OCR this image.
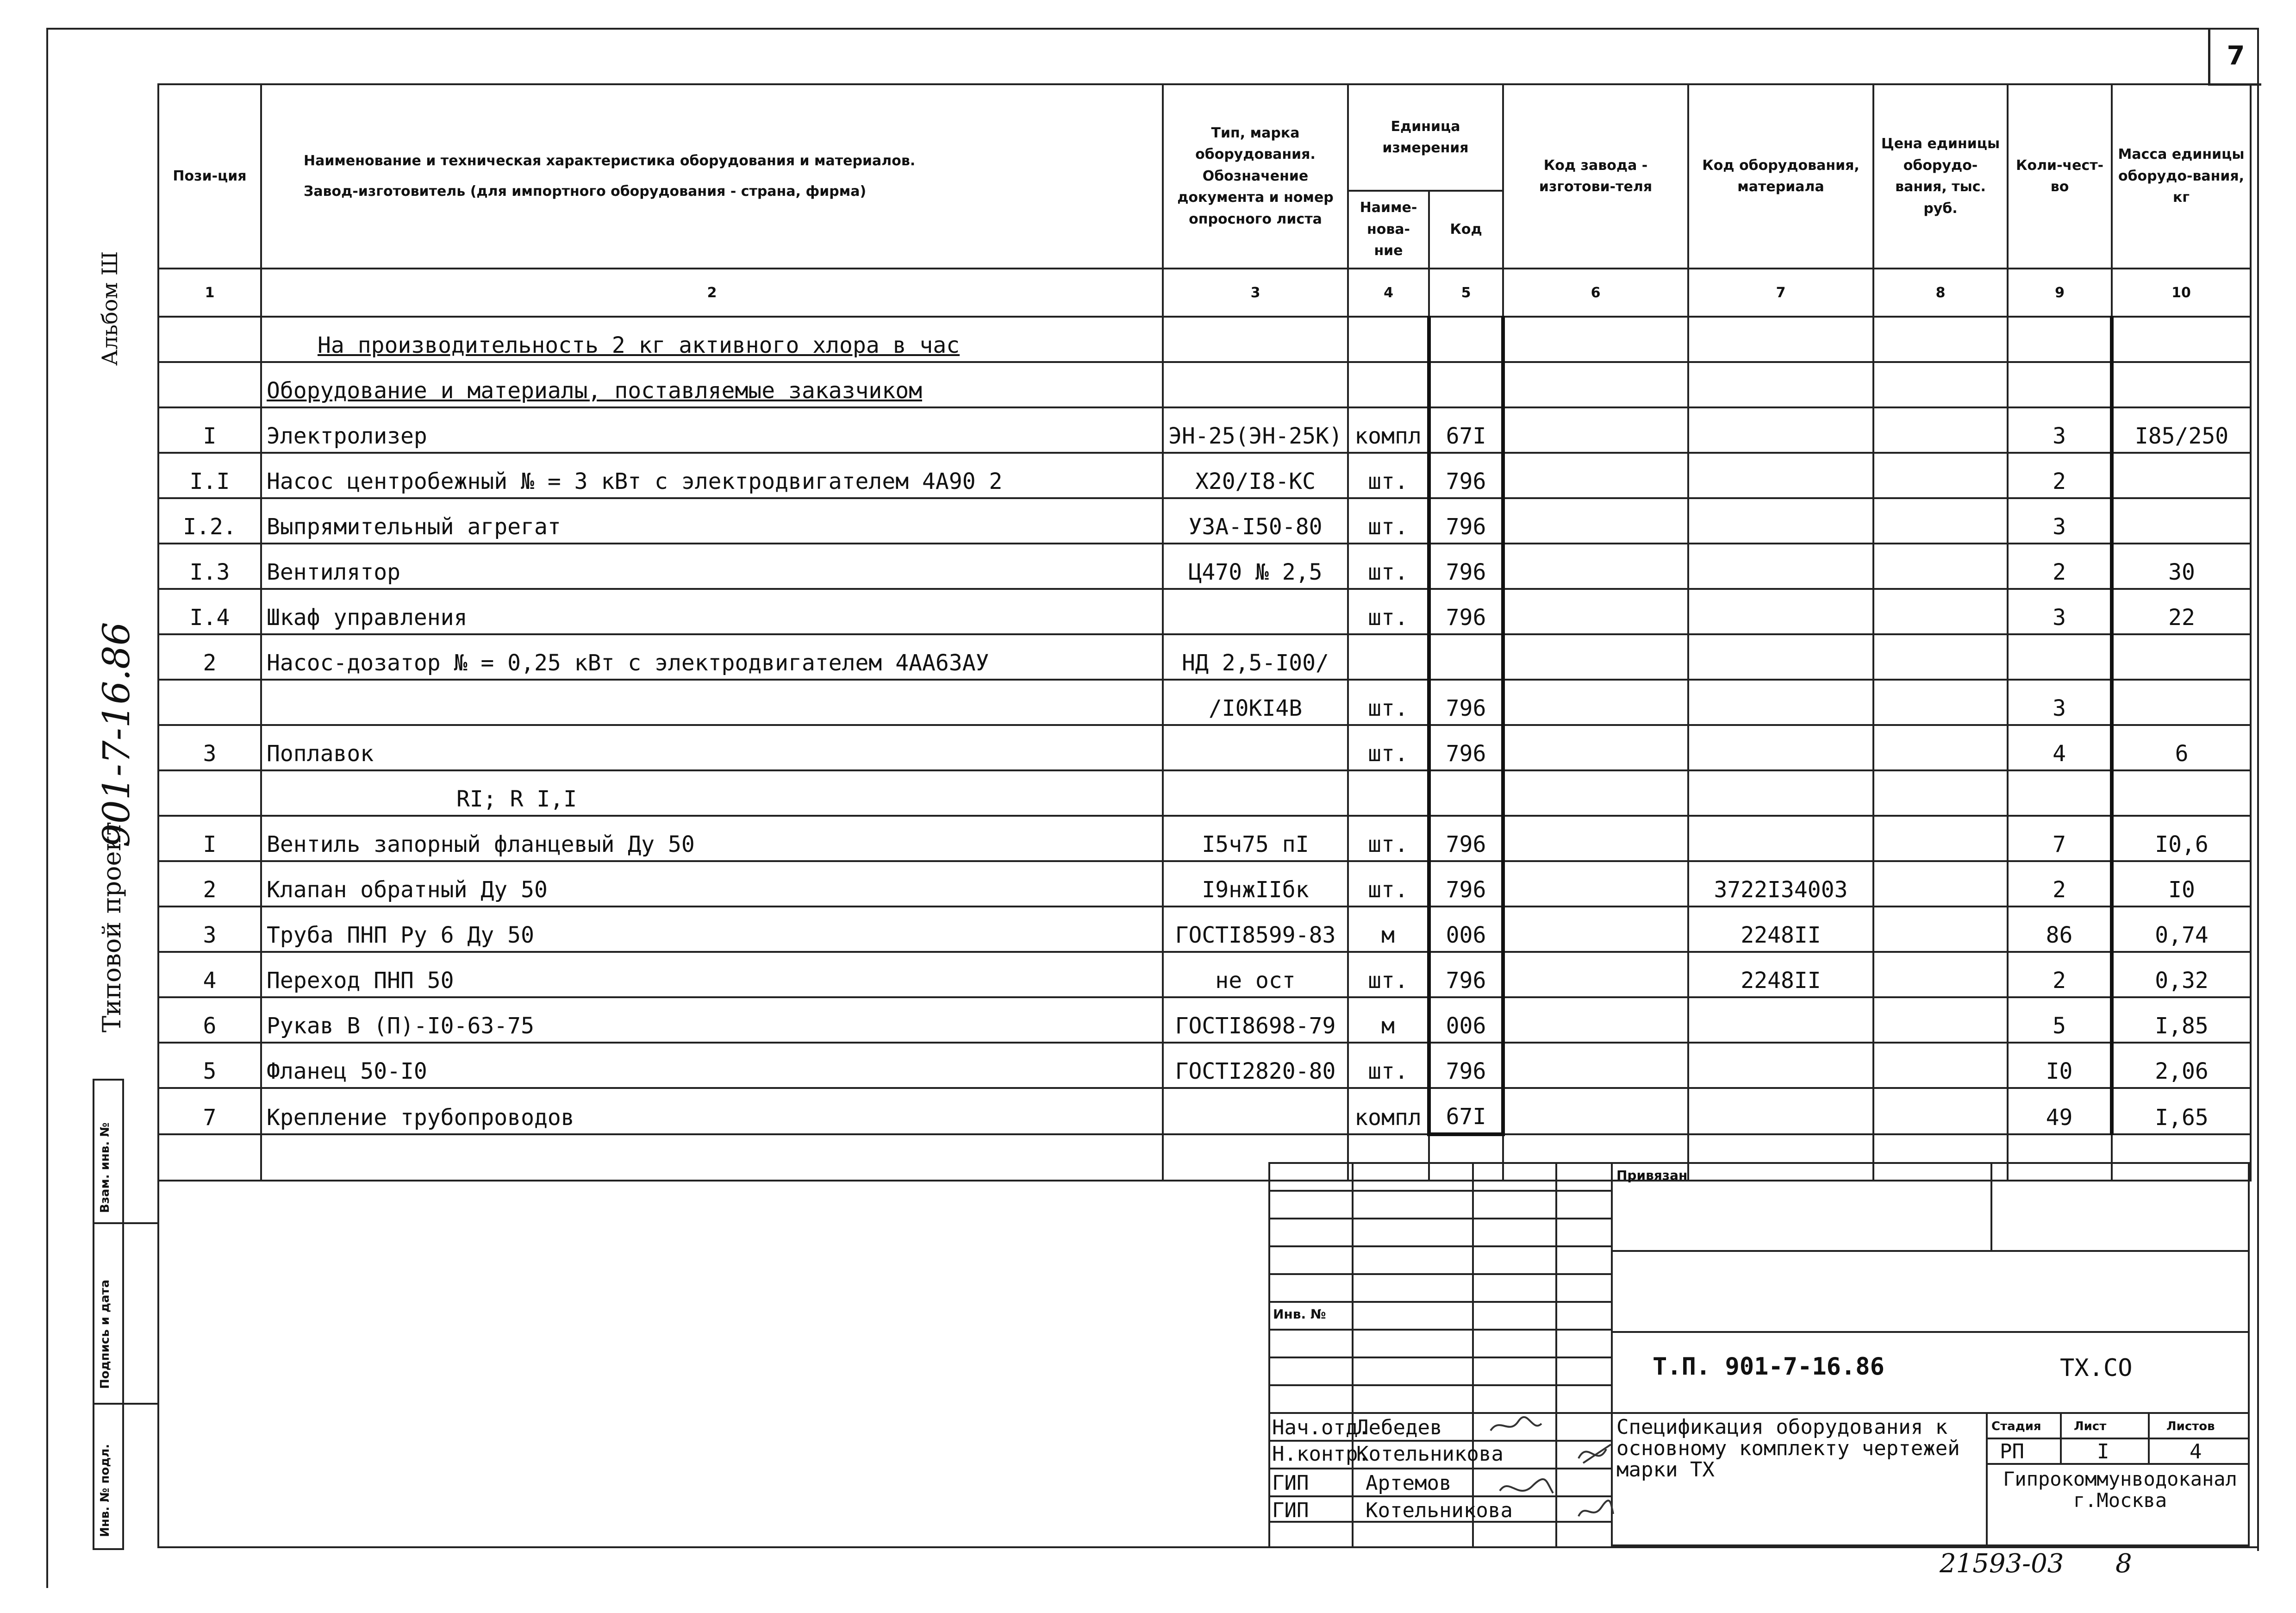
7
Альбом Ш
Типовой проект
901-7-16.86
Взам. инв. №
Подпись и дата
Инв. № подл.
Пози-ция	Наименование и техническая характеристика оборудования и материалов.
Завод-изготовитель (для импортного оборудования - страна, фирма)	Тип, марка оборудования. Обозначение документа и номер опросного листа	Единица измерения		Код завода - изготови-теля	Код оборудования, материала	Цена единицы оборудо-вания, тыс. руб.	Коли-чест-во	Масса единицы оборудо-вания, кг
			Наиме-нова-ние	Код					
1	2	3	4	5	6	7	8	9	10
	На производительность 2 кг активного хлора в час								
	Оборудование и материалы, поставляемые заказчиком								
I	Электролизер	ЭН-25(ЭН-25К)	компл	67I				3	I85/250
I.I	Насос центробежный № = 3 кВт с электродвигателем 4А90 2	Х20/I8-КС	шт.	796				2	
I.2.	Выпрямительный агрегат	УЗА-I50-80	шт.	796				3	
I.3	Вентилятор	Ц470 № 2,5	шт.	796				2	30
I.4	Шкаф управления		шт.	796				3	22
2	Насос-дозатор № = 0,25 кВт с электродвигателем 4АА63АУ	НД 2,5-I00/							
		/I0КI4В	шт.	796				3	
3	Поплавок		шт.	796				4	6
	RI; R I,I								
I	Вентиль запорный фланцевый Ду 50	I5ч75 пI	шт.	796				7	I0,6
2	Клапан обратный Ду 50	I9нжIIбк	шт.	796		3722I34003		2	I0
3	Труба ПНП Ру 6 Ду 50	ГОСТI8599-83	м	006		2248II		86	0,74
4	Переход ПНП 50	не ост	шт.	796		2248II		2	0,32
6	Рукав В (П)-I0-63-75	ГОСТI8698-79	м	006				5	I,85
5	Фланец 50-I0	ГОСТI2820-80	шт.	796				I0	2,06
7	Крепление трубопроводов		компл	67I				49	I,65

Инв. №
Привязан
Т.П. 901-7-16.86	ТХ.СО
Спецификация оборудования к основному комплекту чертежей марки ТХ
Стадия	Лист	Листов
РП	I	4
Гипрокоммунводоканал г.Москва
Нач.отд.
Лебедев
Н.контр.
Котельникова
ГИП	Артемов
ГИП	Котельникова
21593-03 8
